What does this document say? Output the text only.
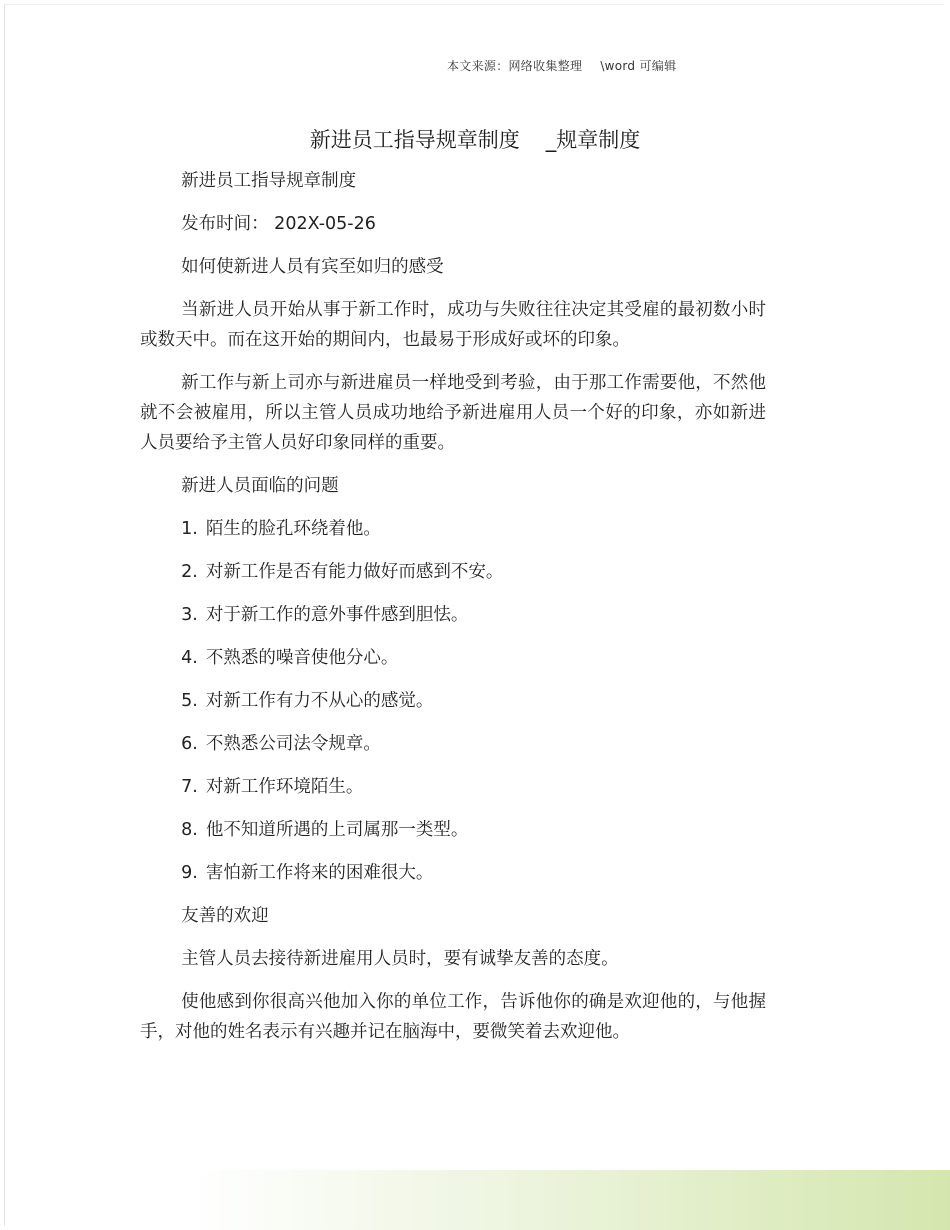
本文来源：网络收集整理 \word 可编辑
新进员工指导规章制度 _规章制度

新进员工指导规章制度

发布时间： 202X-05-26

如何使新进人员有宾至如归的感受

当新进人员开始从事于新工作时，成功与失败往往决定其受雇的最初数小时或数天中。而在这开始的期间内，也最易于形成好或坏的印象。

新工作与新上司亦与新进雇员一样地受到考验，由于那工作需要他，不然他就不会被雇用，所以主管人员成功地给予新进雇用人员一个好的印象，亦如新进人员要给予主管人员好印象同样的重要。

新进人员面临的问题

1. 陌生的脸孔环绕着他。

2. 对新工作是否有能力做好而感到不安。

3. 对于新工作的意外事件感到胆怯。

4. 不熟悉的噪音使他分心。

5. 对新工作有力不从心的感觉。

6. 不熟悉公司法令规章。

7. 对新工作环境陌生。

8. 他不知道所遇的上司属那一类型。

9. 害怕新工作将来的困难很大。

友善的欢迎

主管人员去接待新进雇用人员时，要有诚挚友善的态度。

使他感到你很高兴他加入你的单位工作，告诉他你的确是欢迎他的，与他握手，对他的姓名表示有兴趣并记在脑海中，要微笑着去欢迎他。
